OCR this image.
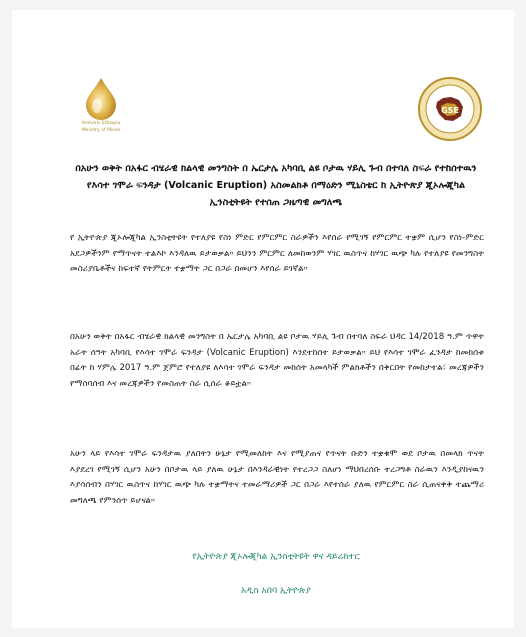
Amharic Ethiopia
Ministry of Mines
GSE
በአሁን ወቅት በአፋር ብሄራዊ ክልላዊ መንግስት በ ኤርታሌ አካባቢ ልዩ ቦታዉ ሃይሊ ጉብ በተባለ ስፍራ የተከሰተዉን የእሳተ ገሞራ ፍንዳታ (Volcanic Eruption) አስመልክቶ በማዕድን ሚኒስቴር ከ ኢትዮጵያ ጂኦሎጂካል ኢንስቲትዩት የተሰጠ ጋዜጣዊ መግለጫ
የ ኢትዮጵያ ጂኦሎጂካል ኢንስቲትዩት የተለያዩ የስነ ምድር የምርምር ስራዎችን እየሰራ የሚገኝ የምርምር ተቋም ሲሆን የስነ-ምድር አደጋዎችንም የማጥናት ተልእኮ እንዳለዉ ይታወቃል። ይህንን ምርምር ለመከወንም ሃገር ዉስጥና ከሃገር ዉጭ ካሉ የተለያዩ የመንግስት መስሪያቤቶችና ከፍተኛ የትምርት ተቋማት ጋር በጋራ በመሆን እየሰራ ይገኛል።
በአሁን ወቅት በአፋር ብሄራዊ ክልላዊ መንግስት በ ኤርታሌ አካባቢ ልዩ ቦታዉ ሃይሊ ጉብ በተባለ ስፍራ ህዳር 14/2018 ዓ.ም ጥዋት አራት ሰዓት አካባቢ የእሳተ ገሞራ ፍንዳታ (Volcanic Eruption) እንደተከሰተ ይታወቃል። ይህ የእሳተ ገሞራ ፈንዳታ ከመከሰቱ በፊት ከ ሃምሌ 2017 ዓ.ም ጀምሮ የተለያዩ ለእሳተ ገሞራ ፍንዳታ መከሰት አመላካች ምልክቶችን በቅርበት የመከታተል፣ መረጃዎችን የማሰባሰብ እና መረጃዎችን የመስጠት ስራ ሲሰራ ቆይቷል።
አሁን ላይ የእሳተ ገሞራ ፍንዳታዉ ያለበትን ሁኔታ የሚመለከት እና የሚያጠና የጥናት ቡድን ተቋቁሞ ወደ ቦታዉ በመላክ ጥናት እያደረገ የሚገኝ ሲሆን አሁን በቦታዉ ላይ ያለዉ ሁኔታ በእንዳራዊነት የተረጋጋ ስለሆነ ማህበረሰቡ ተረጋግቶ ስራዉን እንዲያከናዉን እያሳሰብን በሃገር ዉስጥና ከሃገር ዉጭ ካሉ ተቋማትና ተመራማሪዎች ጋር በጋራ እየተሰራ ያለዉ የምርምር ስራ ሲጠናቀቅ ተጨማሪ መግለጫ የምንሰጥ ይሆናል።
የኢትዮጵያ ጂኦሎጂካል ኢንስቲትዩት ዋና ዳይሬክተር
አዲስ አበባ ኢትዮጵያ
